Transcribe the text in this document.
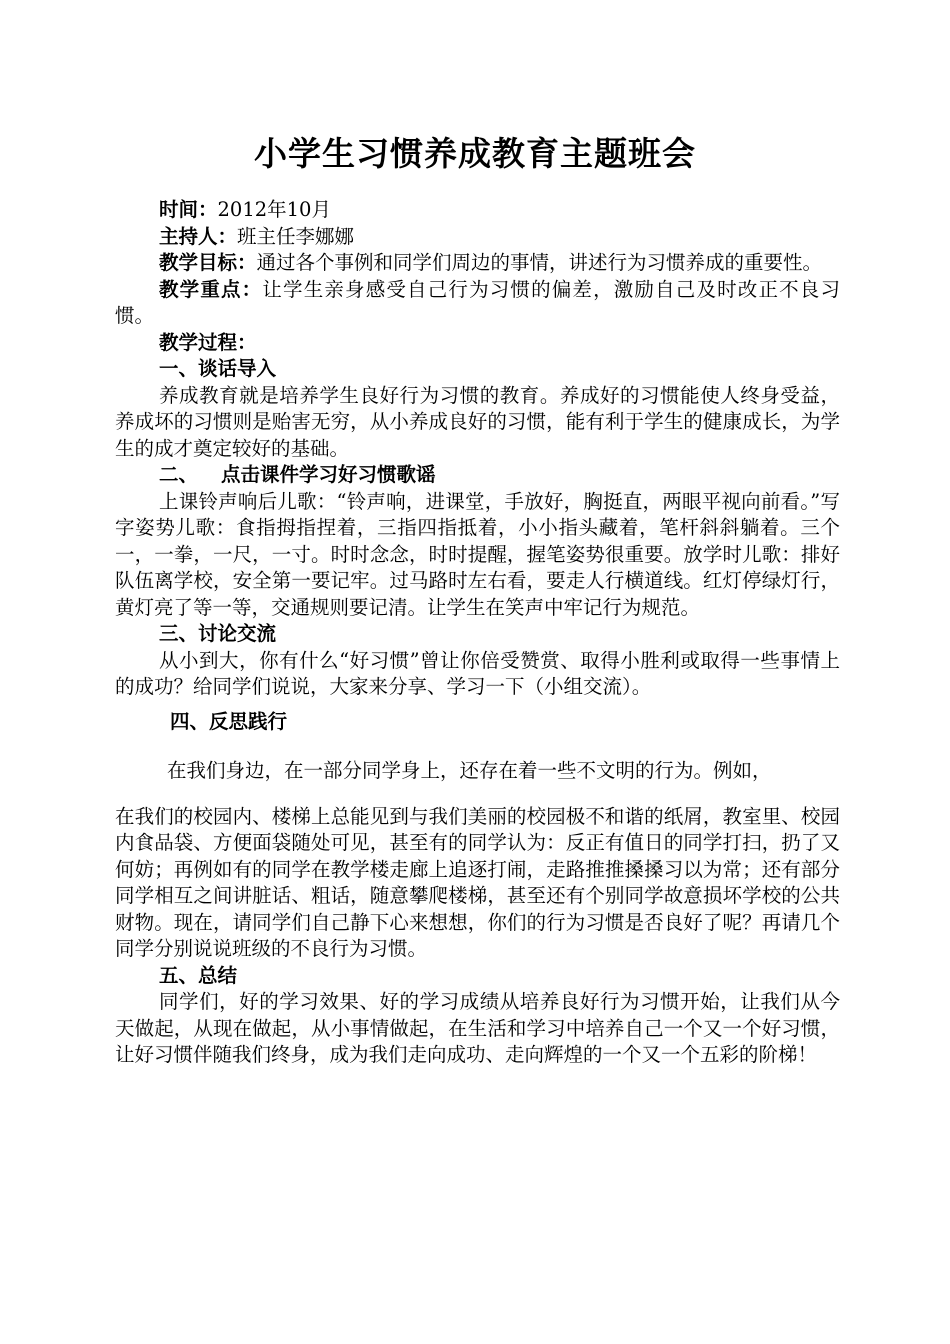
小学生习惯养成教育主题班会

时间：2012年10月

主持人：班主任李娜娜

教学目标：通过各个事例和同学们周边的事情，讲述行为习惯养成的重要性。

教学重点：让学生亲身感受自己行为习惯的偏差，激励自己及时改正不良习惯。

教学过程：

一、谈话导入

养成教育就是培养学生良好行为习惯的教育。养成好的习惯能使人终身受益，养成坏的习惯则是贻害无穷，从小养成良好的习惯，能有利于学生的健康成长，为学生的成才奠定较好的基础。

二、 点击课件学习好习惯歌谣

上课铃声响后儿歌：“铃声响，进课堂，手放好，胸挺直，两眼平视向前看。”写字姿势儿歌：食指拇指捏着，三指四指抵着，小小指头藏着，笔杆斜斜躺着。三个一，一拳，一尺，一寸。时时念念，时时提醒，握笔姿势很重要。放学时儿歌：排好队伍离学校，安全第一要记牢。过马路时左右看，要走人行横道线。红灯停绿灯行，黄灯亮了等一等，交通规则要记清。让学生在笑声中牢记行为规范。

三、讨论交流

从小到大，你有什么“好习惯”曾让你倍受赞赏、取得小胜利或取得一些事情上的成功？给同学们说说，大家来分享、学习一下（小组交流）。

四、反思践行

在我们身边，在一部分同学身上，还存在着一些不文明的行为。例如，

在我们的校园内、楼梯上总能见到与我们美丽的校园极不和谐的纸屑，教室里、校园内食品袋、方便面袋随处可见，甚至有的同学认为：反正有值日的同学打扫，扔了又何妨；再例如有的同学在教学楼走廊上追逐打闹，走路推推搡搡习以为常；还有部分同学相互之间讲脏话、粗话，随意攀爬楼梯，甚至还有个别同学故意损坏学校的公共财物。现在，请同学们自己静下心来想想，你们的行为习惯是否良好了呢？再请几个同学分别说说班级的不良行为习惯。

五、总结

同学们，好的学习效果、好的学习成绩从培养良好行为习惯开始，让我们从今天做起，从现在做起，从小事情做起，在生活和学习中培养自己一个又一个好习惯，让好习惯伴随我们终身，成为我们走向成功、走向辉煌的一个又一个五彩的阶梯！
